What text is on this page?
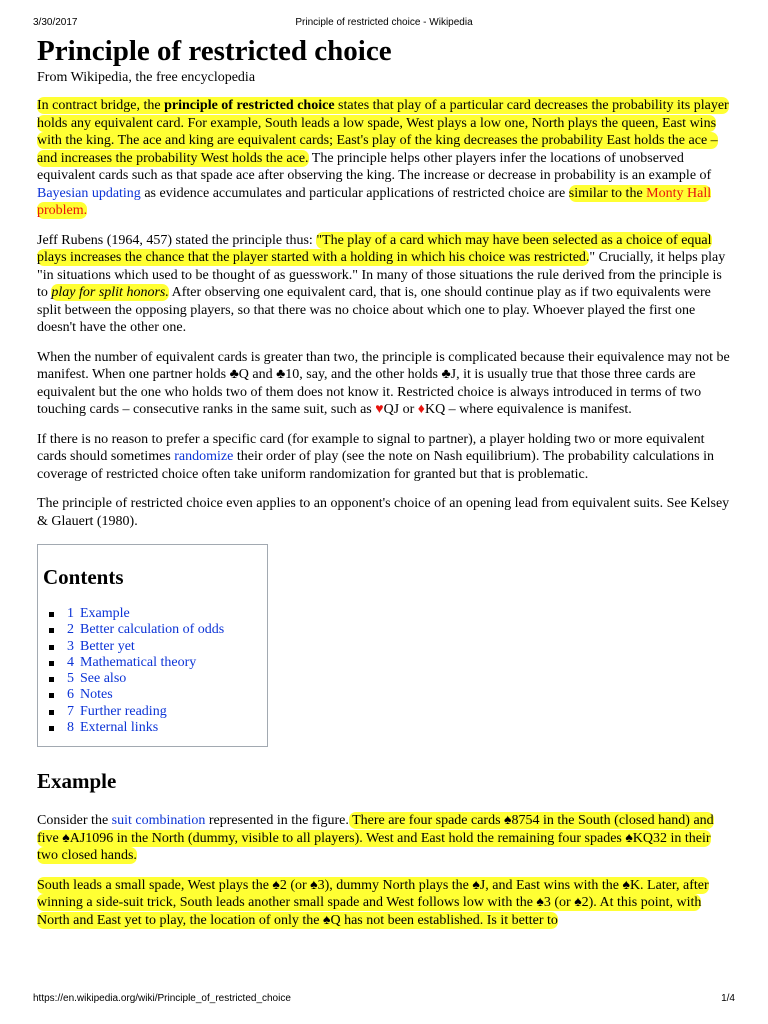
3/30/2017	Principle of restricted choice - Wikipedia
Principle of restricted choice
From Wikipedia, the free encyclopedia

In contract bridge, the principle of restricted choice states that play of a particular card decreases the probability its player holds any equivalent card. For example, South leads a low spade, West plays a low one, North plays the queen, East wins with the king. The ace and king are equivalent cards; East's play of the king decreases the probability East holds the ace – and increases the probability West holds the ace. The principle helps other players infer the locations of unobserved equivalent cards such as that spade ace after observing the king. The increase or decrease in probability is an example of Bayesian updating as evidence accumulates and particular applications of restricted choice are similar to the Monty Hall problem.

Jeff Rubens (1964, 457) stated the principle thus: "The play of a card which may have been selected as a choice of equal plays increases the chance that the player started with a holding in which his choice was restricted." Crucially, it helps play "in situations which used to be thought of as guesswork." In many of those situations the rule derived from the principle is to play for split honors. After observing one equivalent card, that is, one should continue play as if two equivalents were split between the opposing players, so that there was no choice about which one to play. Whoever played the first one doesn't have the other one.

When the number of equivalent cards is greater than two, the principle is complicated because their equivalence may not be manifest. When one partner holds ♣Q and ♣10, say, and the other holds ♣J, it is usually true that those three cards are equivalent but the one who holds two of them does not know it. Restricted choice is always introduced in terms of two touching cards – consecutive ranks in the same suit, such as ♥QJ or ♦KQ – where equivalence is manifest.

If there is no reason to prefer a specific card (for example to signal to partner), a player holding two or more equivalent cards should sometimes randomize their order of play (see the note on Nash equilibrium). The probability calculations in coverage of restricted choice often take uniform randomization for granted but that is problematic.

The principle of restricted choice even applies to an opponent's choice of an opening lead from equivalent suits. See Kelsey & Glauert (1980).

Contents
1 Example
2 Better calculation of odds
3 Better yet
4 Mathematical theory
5 See also
6 Notes
7 Further reading
8 External links
Example

Consider the suit combination represented in the figure. There are four spade cards ♠8754 in the South (closed hand) and five ♠AJ1096 in the North (dummy, visible to all players). West and East hold the remaining four spades ♠KQ32 in their two closed hands.

South leads a small spade, West plays the ♠2 (or ♠3), dummy North plays the ♠J, and East wins with the ♠K. Later, after winning a side-suit trick, South leads another small spade and West follows low with the ♠3 (or ♠2). At this point, with North and East yet to play, the location of only the ♠Q has not been established. Is it better to

https://en.wikipedia.org/wiki/Principle_of_restricted_choice	1/4
